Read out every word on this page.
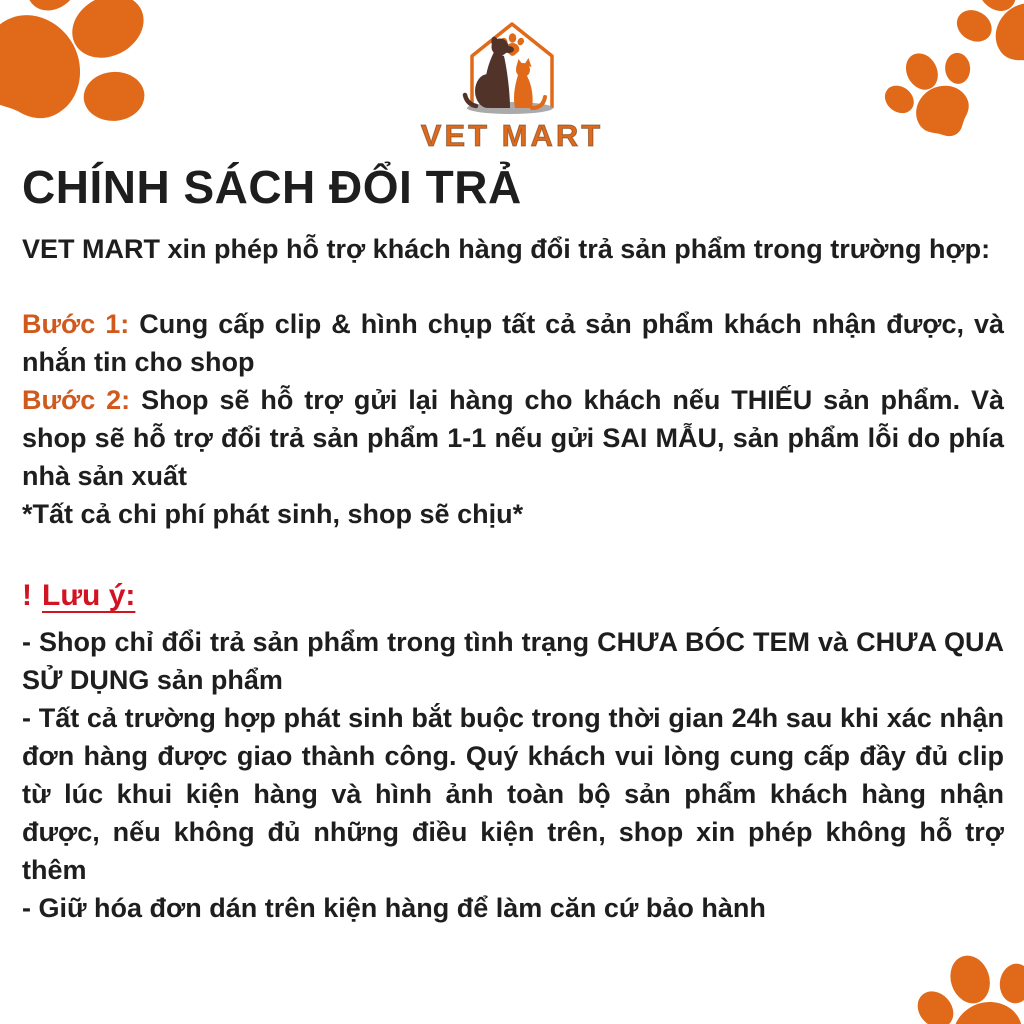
VET MART
CHÍNH SÁCH ĐỔI TRẢ
VET MART xin phép hỗ trợ khách hàng đổi trả sản phẩm trong trường hợp:

Bước 1: Cung cấp clip & hình chụp tất cả sản phẩm khách nhận được, và nhắn tin cho shop

Bước 2: Shop sẽ hỗ trợ gửi lại hàng cho khách nếu THIẾU sản phẩm. Và shop sẽ hỗ trợ đổi trả sản phẩm 1-1 nếu gửi SAI MẪU, sản phẩm lỗi do phía nhà sản xuất

*Tất cả chi phí phát sinh, shop sẽ chịu*

! Lưu ý:

- Shop chỉ đổi trả sản phẩm trong tình trạng CHƯA BÓC TEM và CHƯA QUA SỬ DỤNG sản phẩm

- Tất cả trường hợp phát sinh bắt buộc trong thời gian 24h sau khi xác nhận đơn hàng được giao thành công. Quý khách vui lòng cung cấp đầy đủ clip từ lúc khui kiện hàng và hình ảnh toàn bộ sản phẩm khách hàng nhận được, nếu không đủ những điều kiện trên, shop xin phép không hỗ trợ thêm

- Giữ hóa đơn dán trên kiện hàng để làm căn cứ bảo hành
